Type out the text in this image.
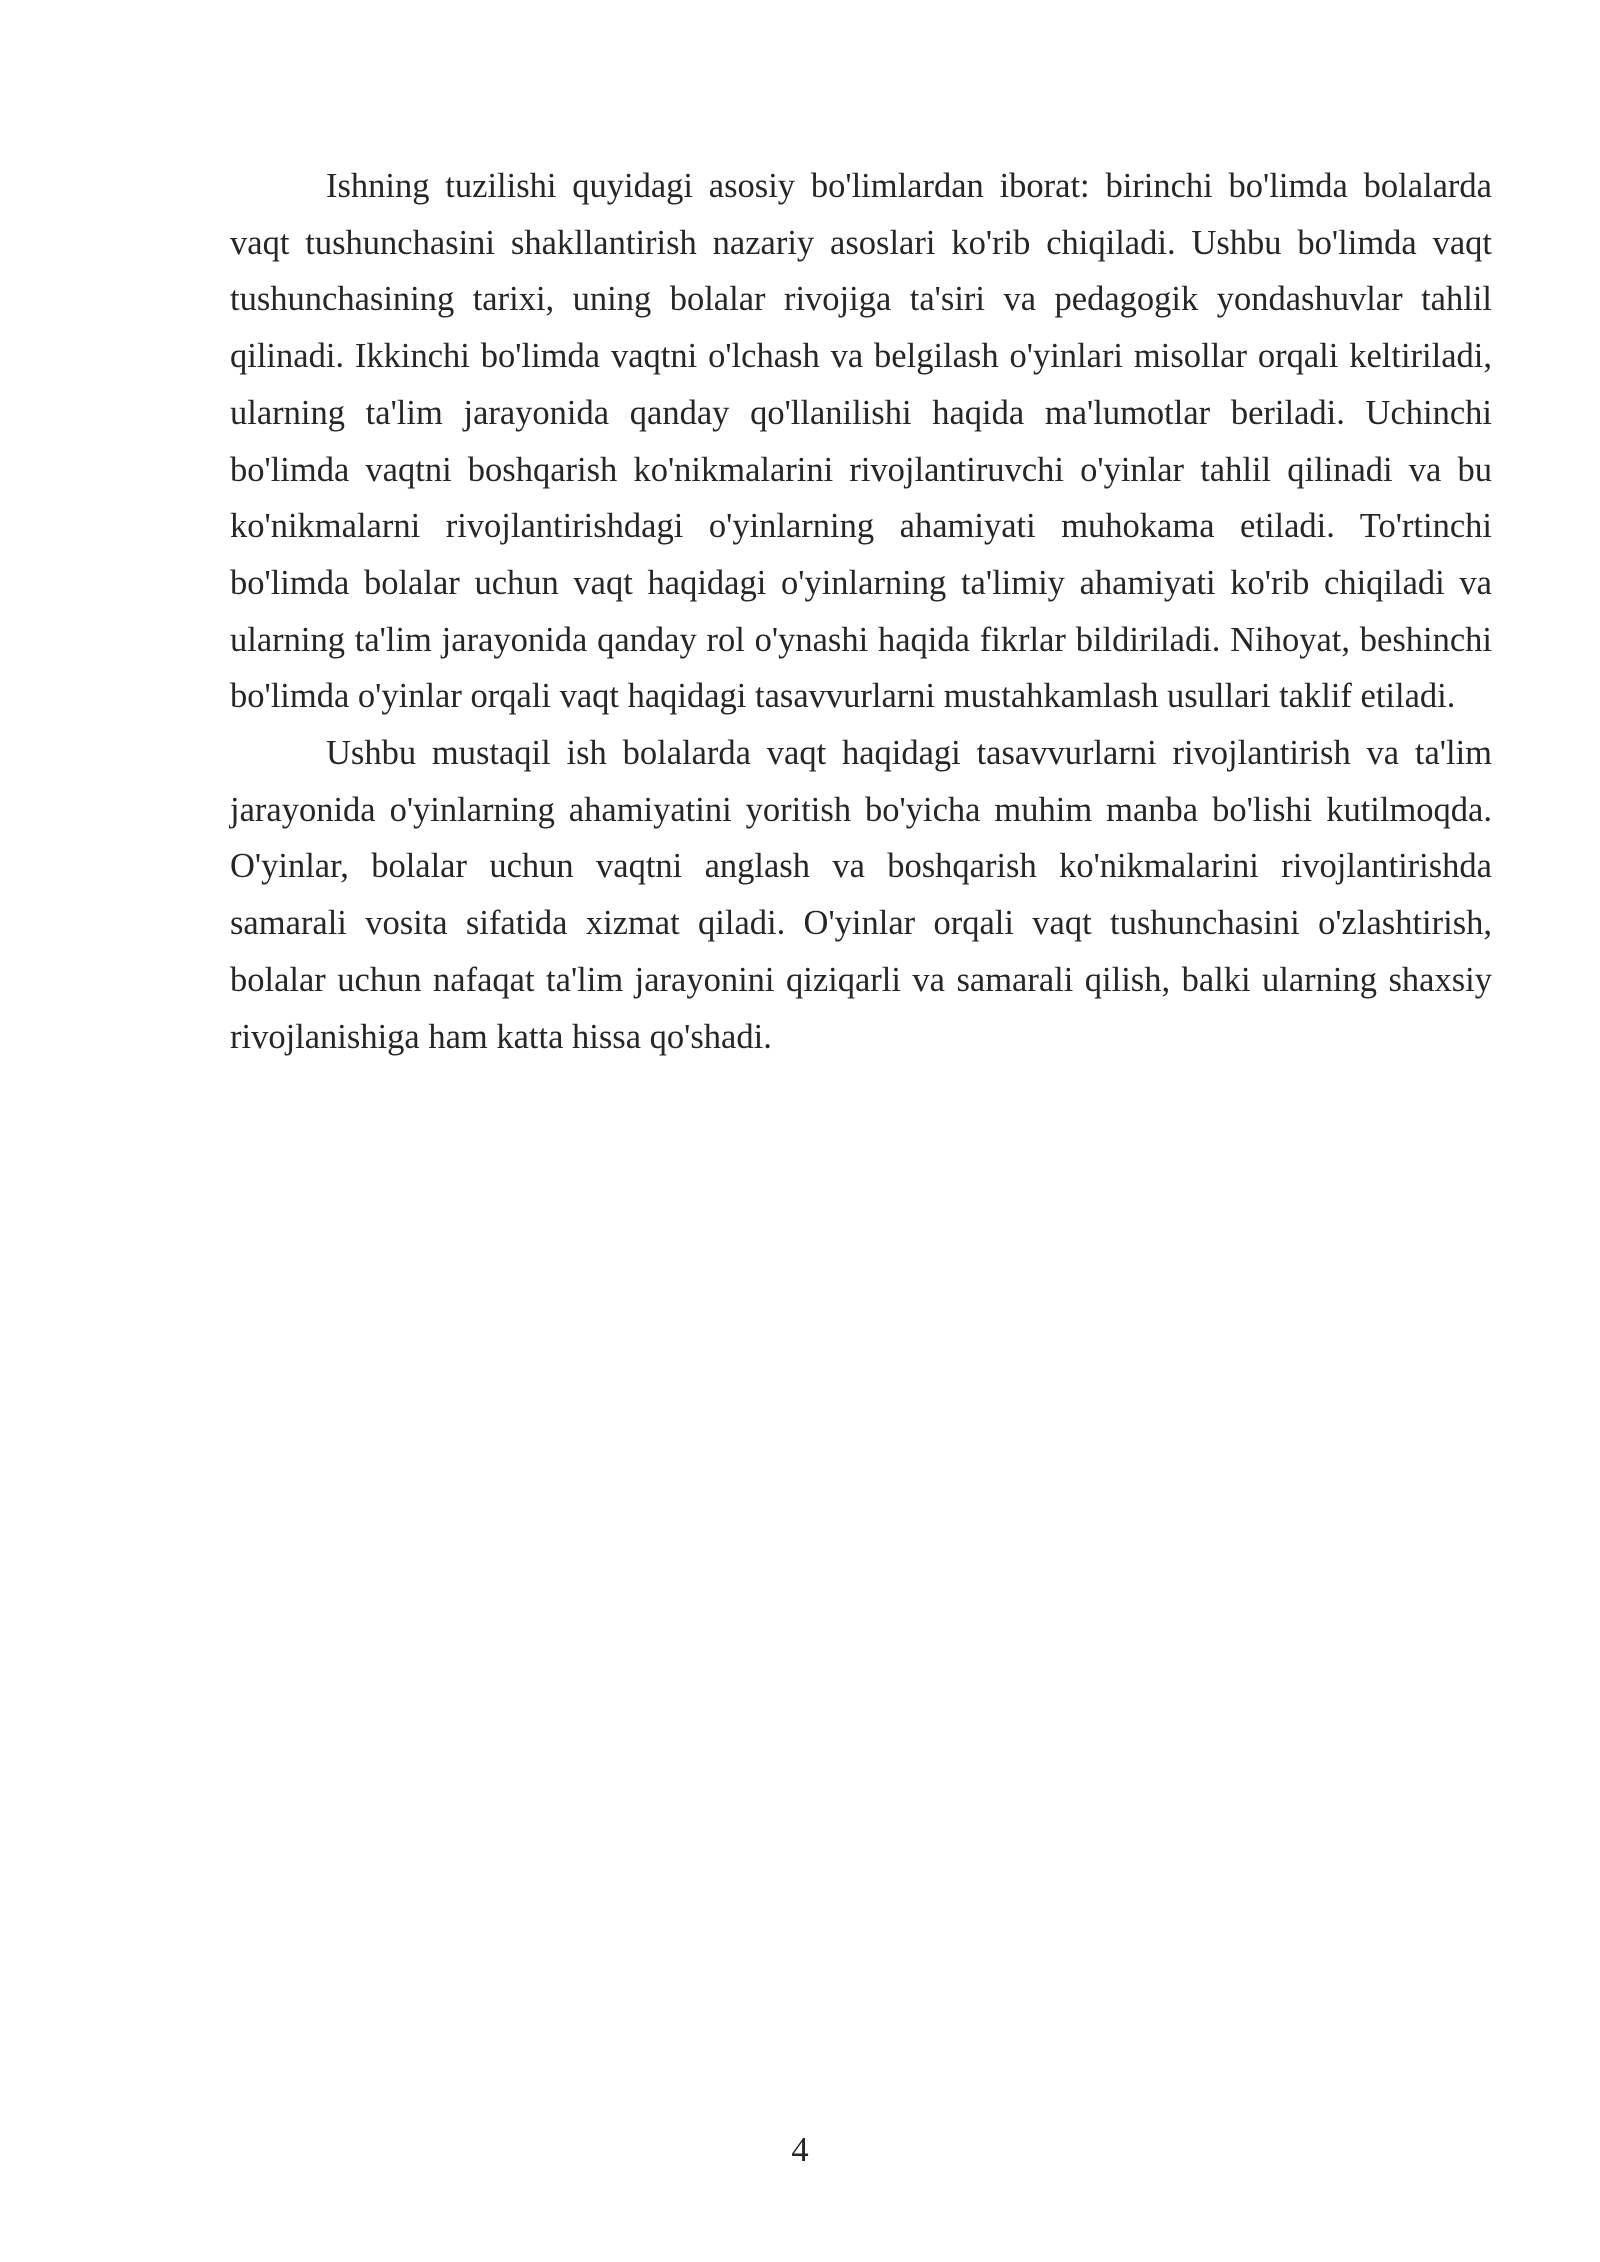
Ishning tuzilishi quyidagi asosiy bo'limlardan iborat: birinchi bo'limda bolalarda vaqt tushunchasini shakllantirish nazariy asoslari ko'rib chiqiladi. Ushbu bo'limda vaqt tushunchasining tarixi, uning bolalar rivojiga ta'siri va pedagogik yondashuvlar tahlil qilinadi. Ikkinchi bo'limda vaqtni o'lchash va belgilash o'yinlari misollar orqali keltiriladi, ularning ta'lim jarayonida qanday qo'llanilishi haqida ma'lumotlar beriladi. Uchinchi bo'limda vaqtni boshqarish ko'nikmalarini rivojlantiruvchi o'yinlar tahlil qilinadi va bu ko'nikmalarni rivojlantirishdagi o'yinlarning ahamiyati muhokama etiladi. To'rtinchi bo'limda bolalar uchun vaqt haqidagi o'yinlarning ta'limiy ahamiyati ko'rib chiqiladi va ularning ta'lim jarayonida qanday rol o'ynashi haqida fikrlar bildiriladi. Nihoyat, beshinchi bo'limda o'yinlar orqali vaqt haqidagi tasavvurlarni mustahkamlash usullari taklif etiladi.

Ushbu mustaqil ish bolalarda vaqt haqidagi tasavvurlarni rivojlantirish va ta'lim jarayonida o'yinlarning ahamiyatini yoritish bo'yicha muhim manba bo'lishi kutilmoqda. O'yinlar, bolalar uchun vaqtni anglash va boshqarish ko'nikmalarini rivojlantirishda samarali vosita sifatida xizmat qiladi. O'yinlar orqali vaqt tushunchasini o'zlashtirish, bolalar uchun nafaqat ta'lim jarayonini qiziqarli va samarali qilish, balki ularning shaxsiy rivojlanishiga ham katta hissa qo'shadi.

4
